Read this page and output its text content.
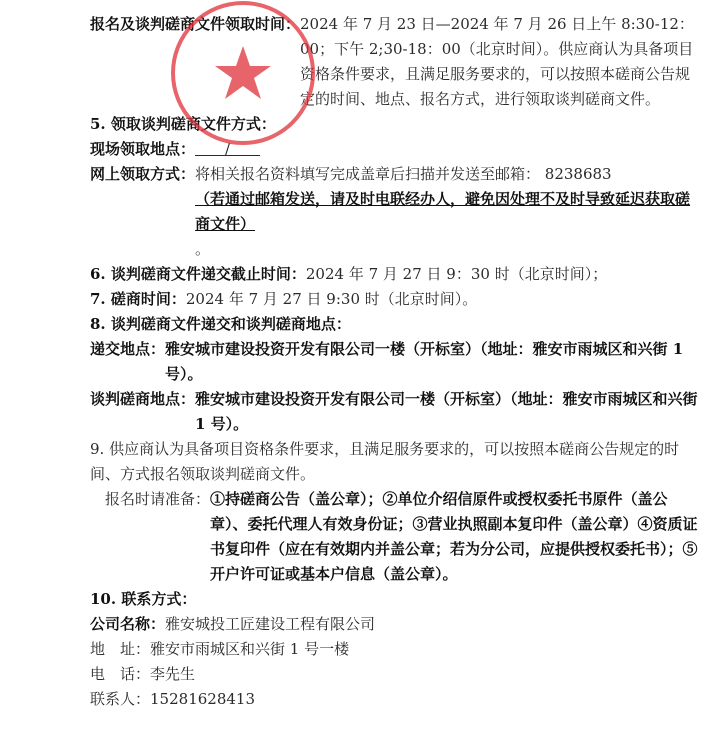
报名及谈判磋商文件领取时间： 2024 年 7 月 23 日—2024 年 7 月 26 日上午 8:30-12：00；下午 2;30-18：00（北京时间）。供应商认为具备项目资格条件要求，且满足服务要求的，可以按照本磋商公告规定的时间、地点、报名方式，进行领取谈判磋商文件。
5. 领取谈判磋商文件方式：
现场领取地点： 　　/　　
网上领取方式： 将相关报名资料填写完成盖章后扫描并发送至邮箱： 8238683
（若通过邮箱发送，请及时电联经办人，避免因处理不及时导致延迟获取磋商文件）
。
6. 谈判磋商文件递交截止时间： 2024 年 7 月 27 日 9：30 时（北京时间）；
7. 磋商时间： 2024 年 7 月 27 日 9:30 时（北京时间）。
8. 谈判磋商文件递交和谈判磋商地点：
递交地点： 雅安城市建设投资开发有限公司一楼（开标室）（地址：雅安市雨城区和兴街 1 号）。
谈判磋商地点： 雅安城市建设投资开发有限公司一楼（开标室）（地址：雅安市雨城区和兴街 1 号）。
9. 供应商认为具备项目资格条件要求，且满足服务要求的，可以按照本磋商公告规定的时间、方式报名领取谈判磋商文件。
报名时请准备： ①持磋商公告（盖公章）；②单位介绍信原件或授权委托书原件（盖公章）、委托代理人有效身份证；③营业执照副本复印件（盖公章）④资质证书复印件（应在有效期内并盖公章；若为分公司，应提供授权委托书）；⑤开户许可证或基本户信息（盖公章）。
10. 联系方式：
公司名称： 雅安城投工匠建设工程有限公司
地　址： 雅安市雨城区和兴街 1 号一楼
电　话： 李先生
联系人： 15281628413
